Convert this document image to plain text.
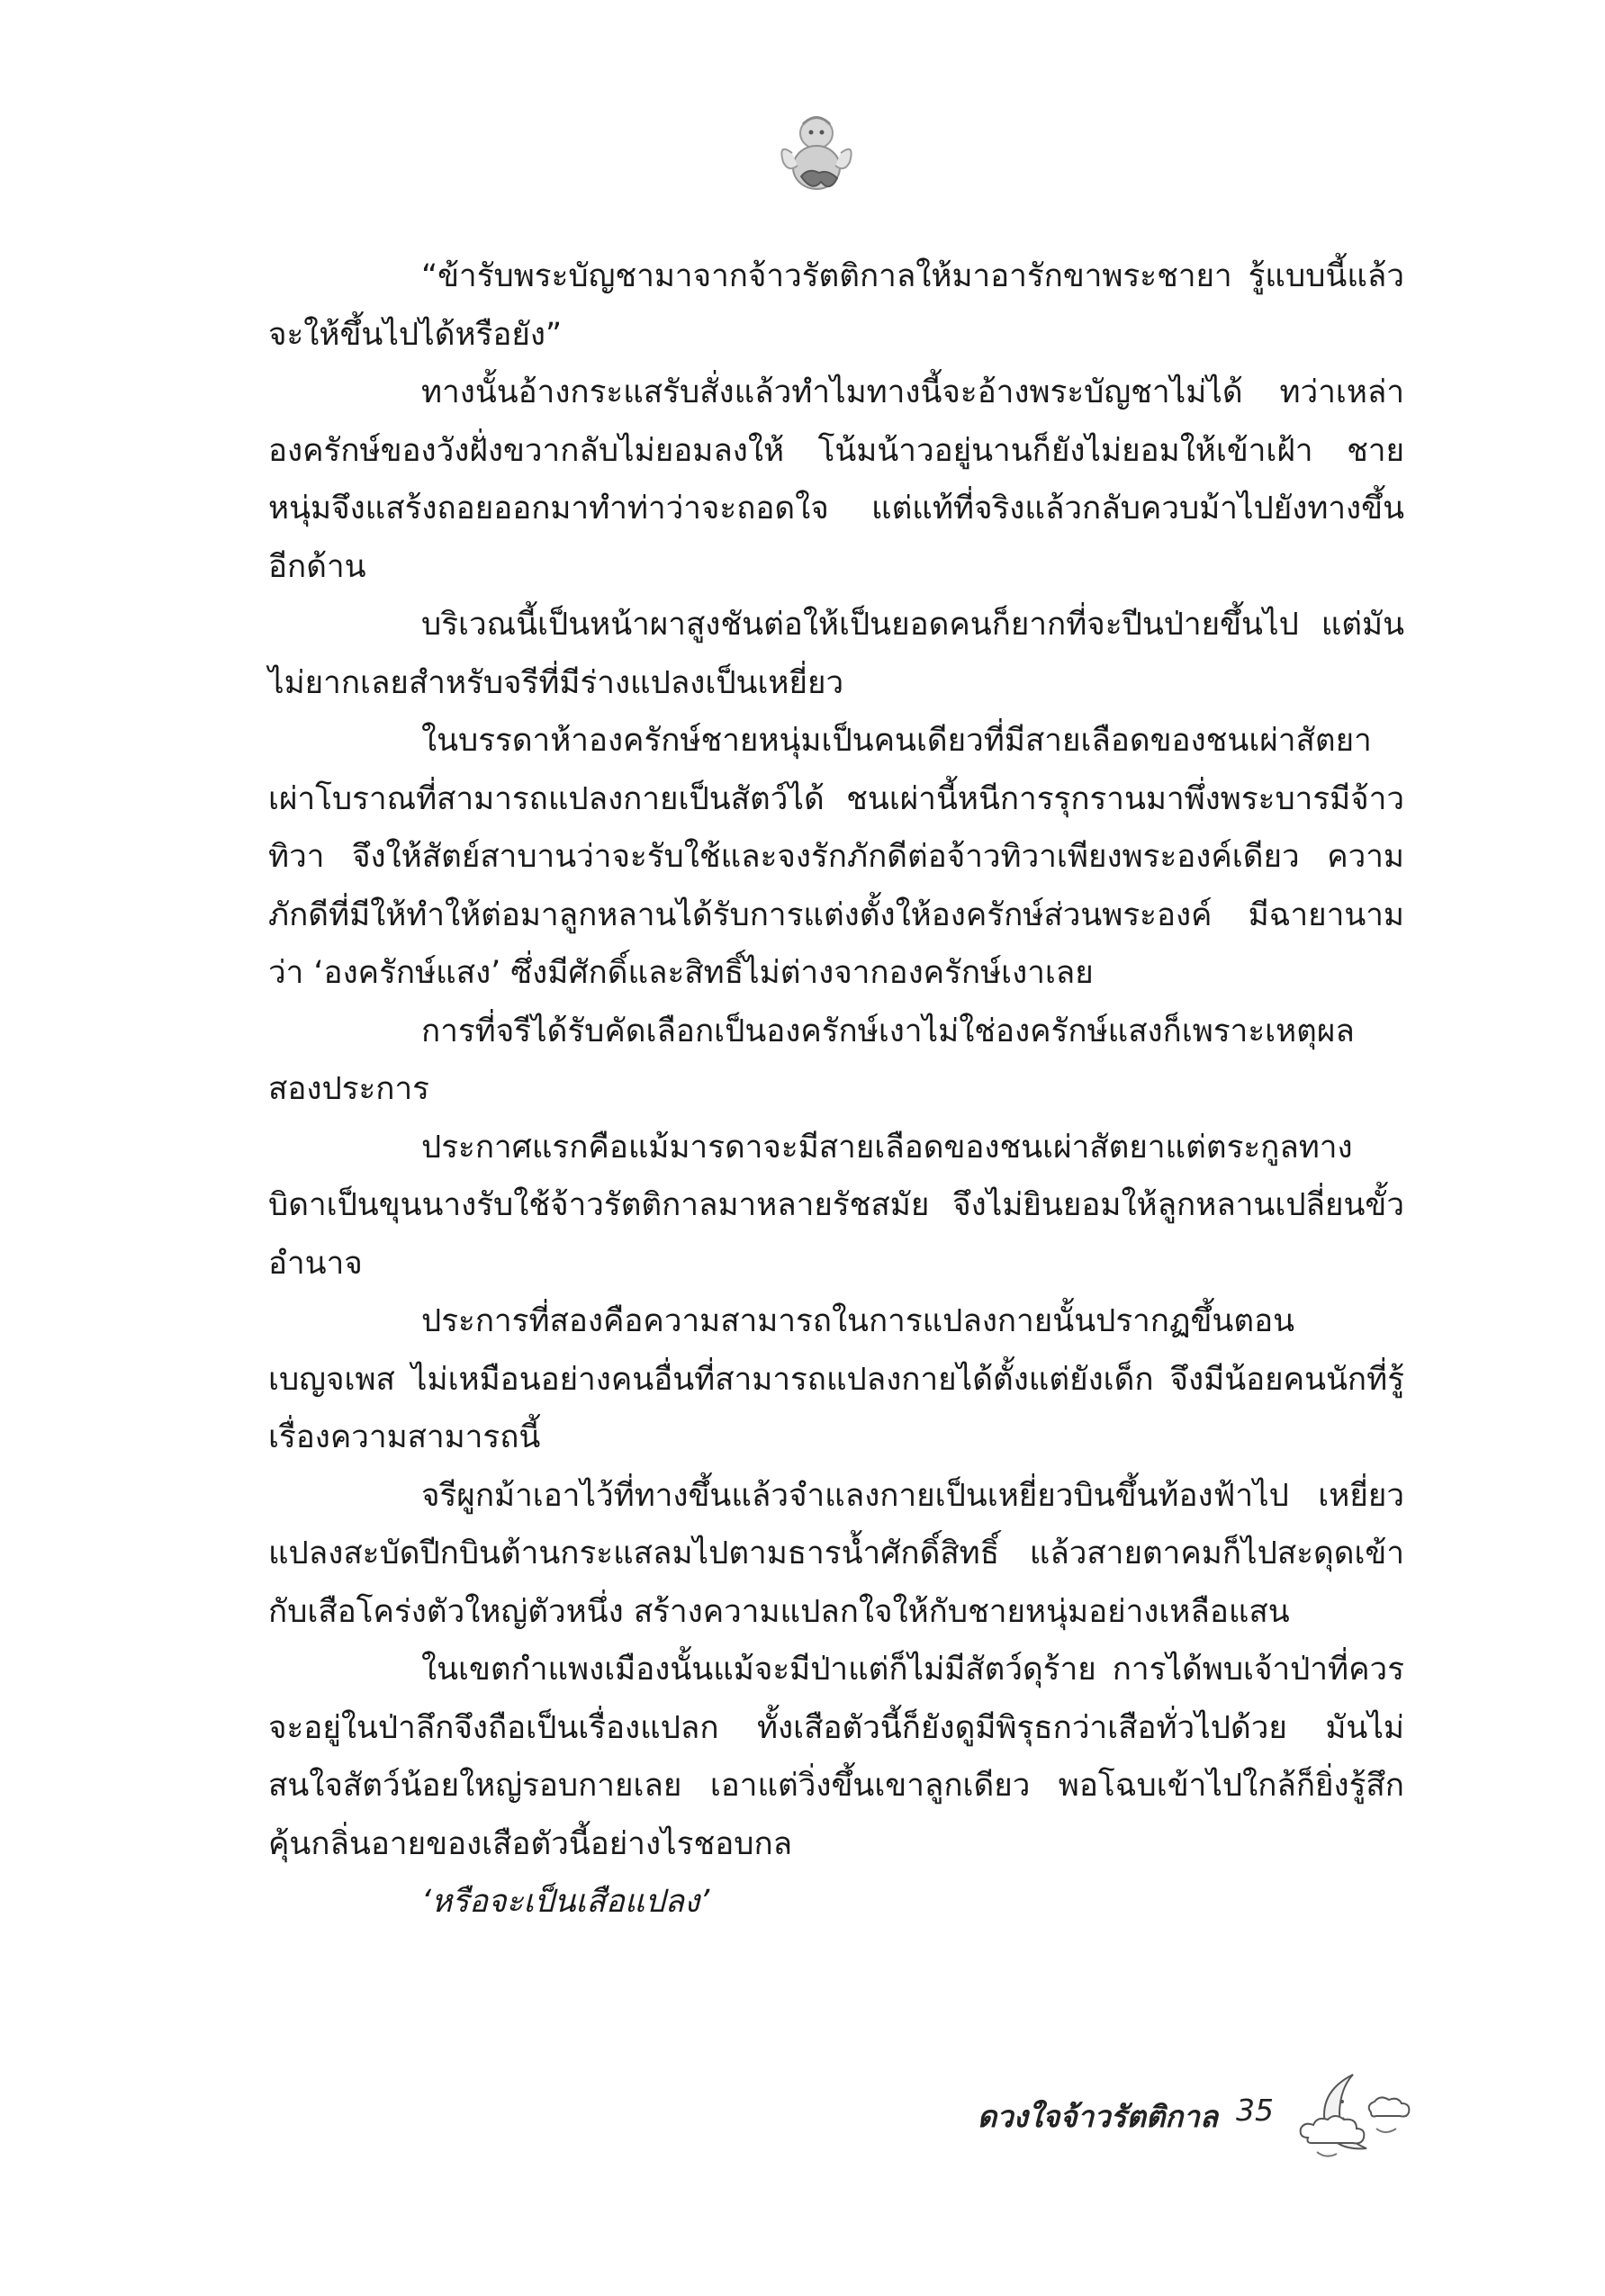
“ข้ารับพระบัญชามาจากจ้าวรัตติกาลให้มาอารักขาพระชายา รู้แบบนี้แล้วจะให้ขึ้นไปได้หรือยัง”

ทางนั้นอ้างกระแสรับสั่งแล้วทำไมทางนี้จะอ้างพระบัญชาไม่ได้ ทว่าเหล่าองครักษ์ของวังฝั่งขวากลับไม่ยอมลงให้ โน้มน้าวอยู่นานก็ยังไม่ยอมให้เข้าเฝ้า ชายหนุ่มจึงแสร้งถอยออกมาทำท่าว่าจะถอดใจ แต่แท้ที่จริงแล้วกลับควบม้าไปยังทางขึ้นอีกด้าน

บริเวณนี้เป็นหน้าผาสูงชันต่อให้เป็นยอดคนก็ยากที่จะปีนป่ายขึ้นไป แต่มันไม่ยากเลยสำหรับจรีที่มีร่างแปลงเป็นเหยี่ยว

ในบรรดาห้าองครักษ์ชายหนุ่มเป็นคนเดียวที่มีสายเลือดของชนเผ่าสัตยา เผ่าโบราณที่สามารถแปลงกายเป็นสัตว์ได้ ชนเผ่านี้หนีการรุกรานมาพึ่งพระบารมีจ้าวทิวา จึงให้สัตย์สาบานว่าจะรับใช้และจงรักภักดีต่อจ้าวทิวาเพียงพระองค์เดียว ความภักดีที่มีให้ทำให้ต่อมาลูกหลานได้รับการแต่งตั้งให้องครักษ์ส่วนพระองค์ มีฉายานามว่า ‘องครักษ์แสง’ ซึ่งมีศักดิ์และสิทธิ์ไม่ต่างจากองครักษ์เงาเลย

การที่จรีได้รับคัดเลือกเป็นองครักษ์เงาไม่ใช่องครักษ์แสงก็เพราะเหตุผลสองประการ

ประกาศแรกคือแม้มารดาจะมีสายเลือดของชนเผ่าสัตยาแต่ตระกูลทางบิดาเป็นขุนนางรับใช้จ้าวรัตติกาลมาหลายรัชสมัย จึงไม่ยินยอมให้ลูกหลานเปลี่ยนขั้วอำนาจ

ประการที่สองคือความสามารถในการแปลงกายนั้นปรากฏขึ้นตอนเบญจเพส ไม่เหมือนอย่างคนอื่นที่สามารถแปลงกายได้ตั้งแต่ยังเด็ก จึงมีน้อยคนนักที่รู้เรื่องความสามารถนี้

จรีผูกม้าเอาไว้ที่ทางขึ้นแล้วจำแลงกายเป็นเหยี่ยวบินขึ้นท้องฟ้าไป เหยี่ยวแปลงสะบัดปีกบินต้านกระแสลมไปตามธารน้ำศักดิ์สิทธิ์ แล้วสายตาคมก็ไปสะดุดเข้ากับเสือโคร่งตัวใหญ่ตัวหนึ่ง สร้างความแปลกใจให้กับชายหนุ่มอย่างเหลือแสน

ในเขตกำแพงเมืองนั้นแม้จะมีป่าแต่ก็ไม่มีสัตว์ดุร้าย การได้พบเจ้าป่าที่ควรจะอยู่ในป่าลึกจึงถือเป็นเรื่องแปลก ทั้งเสือตัวนี้ก็ยังดูมีพิรุธกว่าเสือทั่วไปด้วย มันไม่สนใจสัตว์น้อยใหญ่รอบกายเลย เอาแต่วิ่งขึ้นเขาลูกเดียว พอโฉบเข้าไปใกล้ก็ยิ่งรู้สึกคุ้นกลิ่นอายของเสือตัวนี้อย่างไรชอบกล

‘หรือจะเป็นเสือแปลง’

ดวงใจจ้าวรัตติกาล 35
